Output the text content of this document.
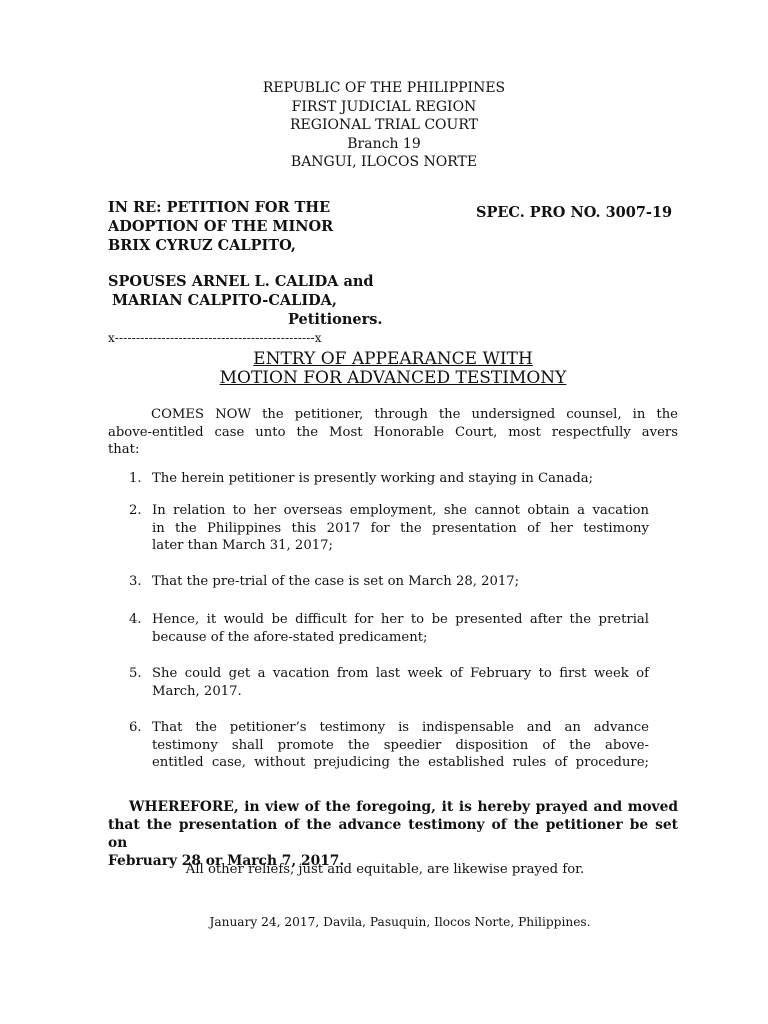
REPUBLIC OF THE PHILIPPINES
FIRST JUDICIAL REGION
REGIONAL TRIAL COURT
Branch 19
BANGUI, ILOCOS NORTE
IN RE: PETITION FOR THE
ADOPTION OF THE MINOR
BRIX CYRUZ CALPITO,
SPEC. PRO NO. 3007-19
SPOUSES ARNEL L. CALIDA and
MARIAN CALPITO-CALIDA,
Petitioners.
x-----------------------------------------------x
ENTRY OF APPEARANCE WITH
MOTION FOR ADVANCED TESTIMONY
COMES NOW the petitioner, through the undersigned counsel, in the
above-entitled case unto the Most Honorable Court, most respectfully avers
that:
1. The herein petitioner is presently working and staying in Canada;
2. In relation to her overseas employment, she cannot obtain a vacation
in the Philippines this 2017 for the presentation of her testimony
later than March 31, 2017;
3. That the pre-trial of the case is set on March 28, 2017;
4. Hence, it would be difficult for her to be presented after the pretrial
because of the afore-stated predicament;
5. She could get a vacation from last week of February to first week of
March, 2017.
6. That the petitioner’s testimony is indispensable and an advance
testimony shall promote the speedier disposition of the above-
entitled case, without prejudicing the established rules of procedure;
WHEREFORE, in view of the foregoing, it is hereby prayed and moved
that the presentation of the advance testimony of the petitioner be set on
February 28 or March 7, 2017.
All other reliefs, just and equitable, are likewise prayed for.
January 24, 2017, Davila, Pasuquin, Ilocos Norte, Philippines.
